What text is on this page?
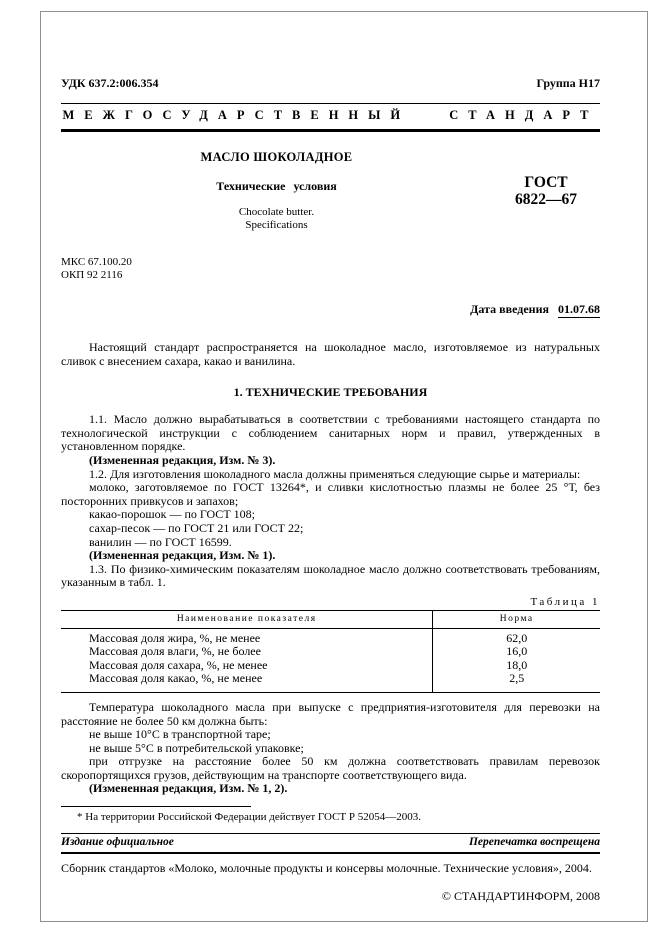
УДК 637.2:006.354	Группа Н17
МЕЖГОСУДАРСТВЕННЫЙ СТАНДАРТ
МАСЛО ШОКОЛАДНОЕ
Технические условия
Chocolate butter.
Specifications
ГОСТ
6822—67
МКС 67.100.20
ОКП 92 2116
Дата введения 01.07.68
Настоящий стандарт распространяется на шоколадное масло, изготовляемое из натуральных сливок с внесением сахара, какао и ванилина.
1. ТЕХНИЧЕСКИЕ ТРЕБОВАНИЯ
1.1. Масло должно вырабатываться в соответствии с требованиями настоящего стандарта по технологической инструкции с соблюдением санитарных норм и правил, утвержденных в установленном порядке.
(Измененная редакция, Изм. № 3).
1.2. Для изготовления шоколадного масла должны применяться следующие сырье и материалы:
молоко, заготовляемое по ГОСТ 13264*, и сливки кислотностью плазмы не более 25 °Т, без посторонних привкусов и запахов;
какао-порошок — по ГОСТ 108;
сахар-песок — по ГОСТ 21 или ГОСТ 22;
ванилин — по ГОСТ 16599.
(Измененная редакция, Изм. № 1).
1.3. По физико-химическим показателям шоколадное масло должно соответствовать требованиям, указанным в табл. 1.
Таблица 1
Наименование показателя	Норма
Массовая доля жира, %, не менее	62,0
Массовая доля влаги, %, не более	16,0
Массовая доля сахара, %, не менее	18,0
Массовая доля какао, %, не менее	2,5
Температура шоколадного масла при выпуске с предприятия-изготовителя для перевозки на расстояние не более 50 км должна быть:
не выше 10°С в транспортной таре;
не выше 5°С в потребительской упаковке;
при отгрузке на расстояние более 50 км должна соответствовать правилам перевозок скоропортящихся грузов, действующим на транспорте соответствующего вида.
(Измененная редакция, Изм. № 1, 2).
* На территории Российской Федерации действует ГОСТ Р 52054—2003.
Издание официальное	Перепечатка воспрещена
Сборник стандартов «Молоко, молочные продукты и консервы молочные. Технические условия», 2004.
© СТАНДАРТИНФОРМ, 2008
